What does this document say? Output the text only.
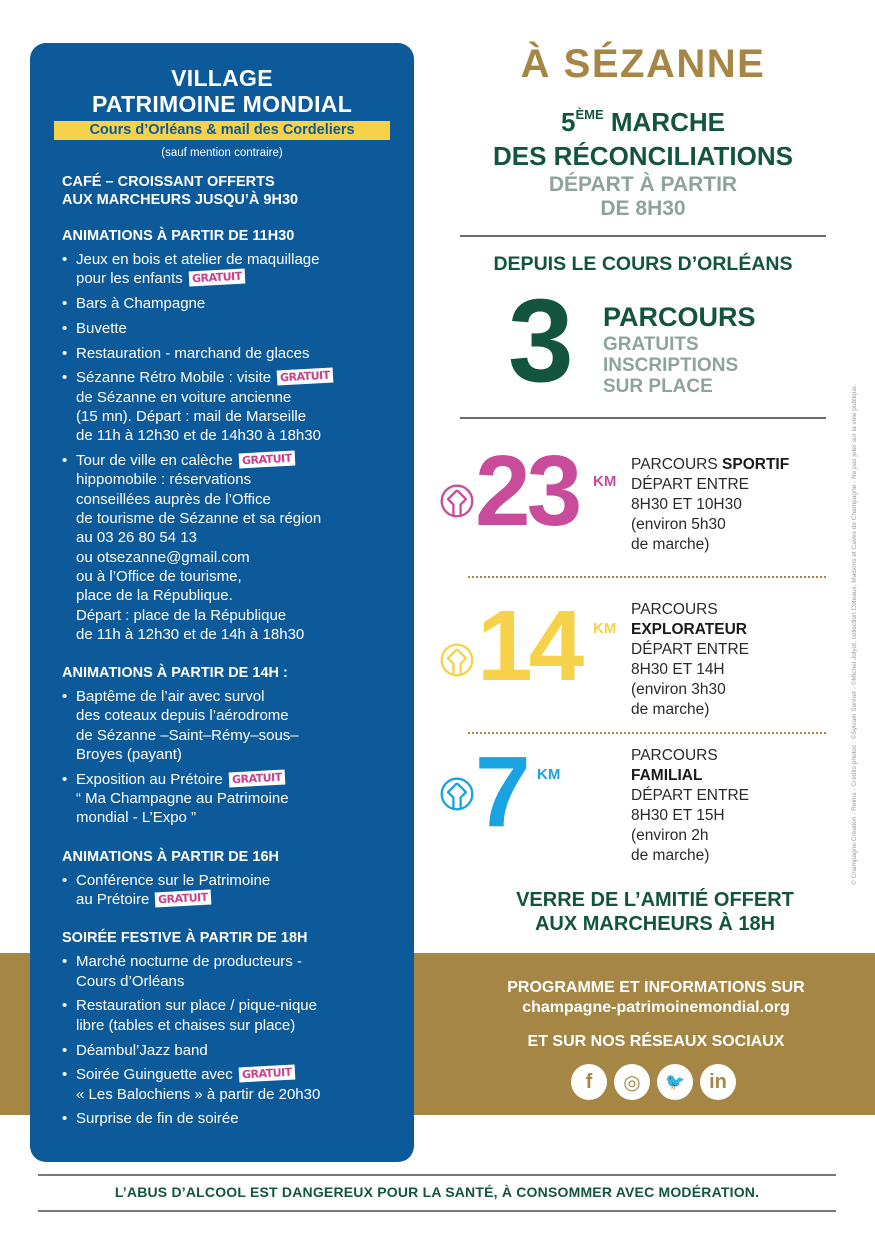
VILLAGE
PATRIMOINE MONDIAL
Cours d’Orléans & mail des Cordeliers
(sauf mention contraire)
CAFÉ – CROISSANT OFFERTS
AUX MARCHEURS JUSQU’À 9H30
ANIMATIONS À PARTIR DE 11H30
• Jeux en bois et atelier de maquillage
pour les enfants GRATUIT
• Bars à Champagne
• Buvette
• Restauration - marchand de glaces
• Sézanne Rétro Mobile : visite GRATUIT
de Sézanne en voiture ancienne
(15 mn). Départ : mail de Marseille
de 11h à 12h30 et de 14h30 à 18h30
• Tour de ville en calèche GRATUIT
hippomobile : réservations
conseillées auprès de l’Office
de tourisme de Sézanne et sa région
au 03 26 80 54 13
ou otsezanne@gmail.com
ou à l’Office de tourisme,
place de la République.
Départ : place de la République
de 11h à 12h30 et de 14h à 18h30
ANIMATIONS À PARTIR DE 14H :
• Baptême de l’air avec survol
des coteaux depuis l’aérodrome
de Sézanne –Saint–Rémy–sous–
Broyes (payant)
• Exposition au Prétoire GRATUIT
“ Ma Champagne au Patrimoine
mondial - L’Expo ”
ANIMATIONS À PARTIR DE 16H
• Conférence sur le Patrimoine
au Prétoire GRATUIT
SOIRÉE FESTIVE À PARTIR DE 18H
• Marché nocturne de producteurs -
Cours d’Orléans
• Restauration sur place / pique-nique
libre (tables et chaises sur place)
• Déambul’Jazz band
• Soirée Guinguette avec GRATUIT
« Les Balochiens » à partir de 20h30
• Surprise de fin de soirée
À SÉZANNE
5ÈME MARCHE
DES RÉCONCILIATIONS
DÉPART À PARTIR
DE 8H30
DEPUIS LE COURS D’ORLÉANS
3 PARCOURS
GRATUITS
INSCRIPTIONS
SUR PLACE
23 KM
PARCOURS SPORTIF
DÉPART ENTRE
8H30 ET 10H30
(environ 5h30
de marche)
14 KM
PARCOURS
EXPLORATEUR
DÉPART ENTRE
8H30 ET 14H
(environ 3h30
de marche)
7 KM
PARCOURS
FAMILIAL
DÉPART ENTRE
8H30 ET 15H
(environ 2h
de marche)
VERRE DE L’AMITIÉ OFFERT
AUX MARCHEURS À 18H
PROGRAMME ET INFORMATIONS SUR
champagne-patrimoinemondial.org
ET SUR NOS RÉSEAUX SOCIAUX
f	◎	🐦	in
© Champagne Création - Reims - Crédits photos : ©Sylvain Sonnet - ©Michel Jolyot, collection Coteaux, Maisons et Caves de Champagne - Ne pas jeter sur la voie publique.
L’ABUS D’ALCOOL EST DANGEREUX POUR LA SANTÉ, À CONSOMMER AVEC MODÉRATION.
